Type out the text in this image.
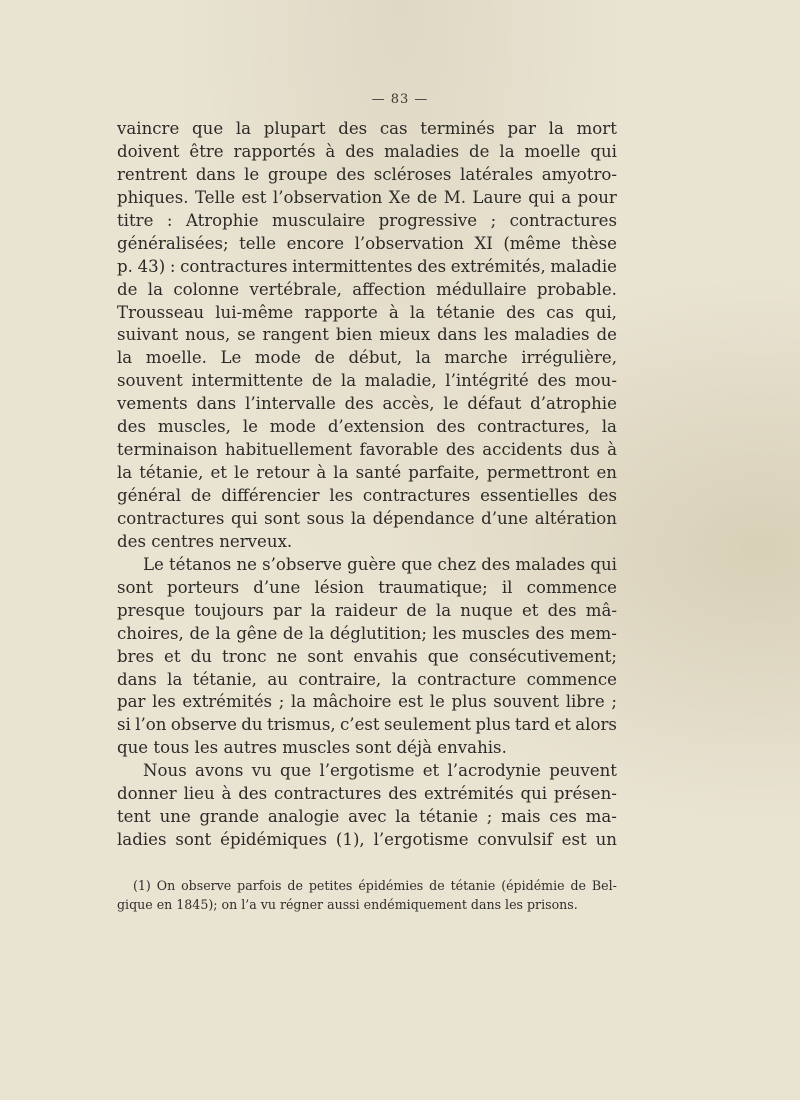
— 83 —
vaincre que la plupart des cas terminés par la mort
doivent être rapportés à des maladies de la moelle qui
rentrent dans le groupe des scléroses latérales amyotro-
phiques. Telle est l’observation Xe de M. Laure qui a pour
titre : Atrophie musculaire progressive ; contractures
généralisées; telle encore l’observation XI (même thèse
p. 43) : contractures intermittentes des extrémités, maladie
de la colonne vertébrale, affection médullaire probable.
Trousseau lui-même rapporte à la tétanie des cas qui,
suivant nous, se rangent bien mieux dans les maladies de
la moelle. Le mode de début, la marche irrégulière,
souvent intermittente de la maladie, l’intégrité des mou-
vements dans l’intervalle des accès, le défaut d’atrophie
des muscles, le mode d’extension des contractures, la
terminaison habituellement favorable des accidents dus à
la tétanie, et le retour à la santé parfaite, permettront en
général de différencier les contractures essentielles des
contractures qui sont sous la dépendance d’une altération
des centres nerveux.
Le tétanos ne s’observe guère que chez des malades qui
sont porteurs d’une lésion traumatique; il commence
presque toujours par la raideur de la nuque et des mâ-
choires, de la gêne de la déglutition; les muscles des mem-
bres et du tronc ne sont envahis que consécutivement;
dans la tétanie, au contraire, la contracture commence
par les extrémités ; la mâchoire est le plus souvent libre ;
si l’on observe du trismus, c’est seulement plus tard et alors
que tous les autres muscles sont déjà envahis.
Nous avons vu que l’ergotisme et l’acrodynie peuvent
donner lieu à des contractures des extrémités qui présen-
tent une grande analogie avec la tétanie ; mais ces ma-
ladies sont épidémiques (1), l’ergotisme convulsif est un
(1) On observe parfois de petites épidémies de tétanie (épidémie de Bel-
gique en 1845); on l’a vu régner aussi endémiquement dans les prisons.
